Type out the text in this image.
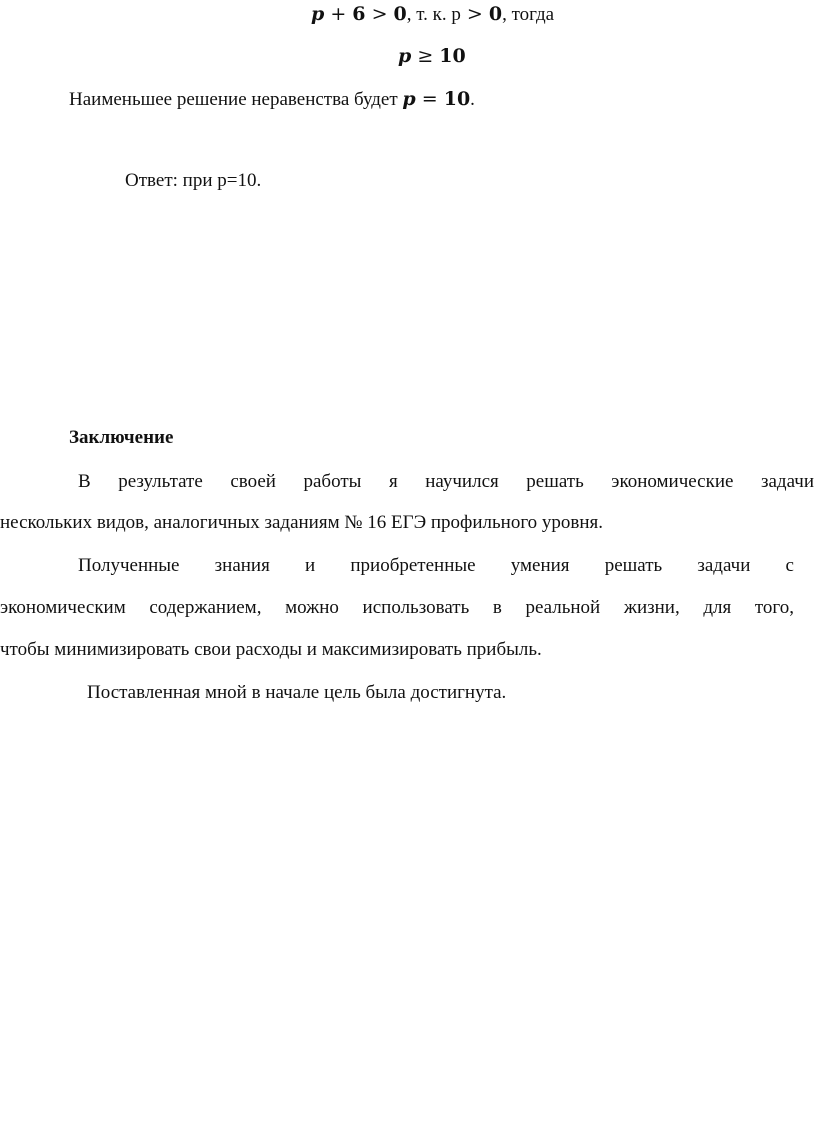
p + 6 > 0, т. к. р > 0, тогда
p ≥ 10
Наименьшее решение неравенства будет p = 10.
Ответ: при р=10.
Заключение
В результате своей работы я научился решать экономические задачи
нескольких видов, аналогичных заданиям № 16 ЕГЭ профильного уровня.
Полученные знания и приобретенные умения решать задачи с
экономическим содержанием, можно использовать в реальной жизни, для того,
чтобы минимизировать свои расходы и максимизировать прибыль.
Поставленная мной в начале цель была достигнута.
